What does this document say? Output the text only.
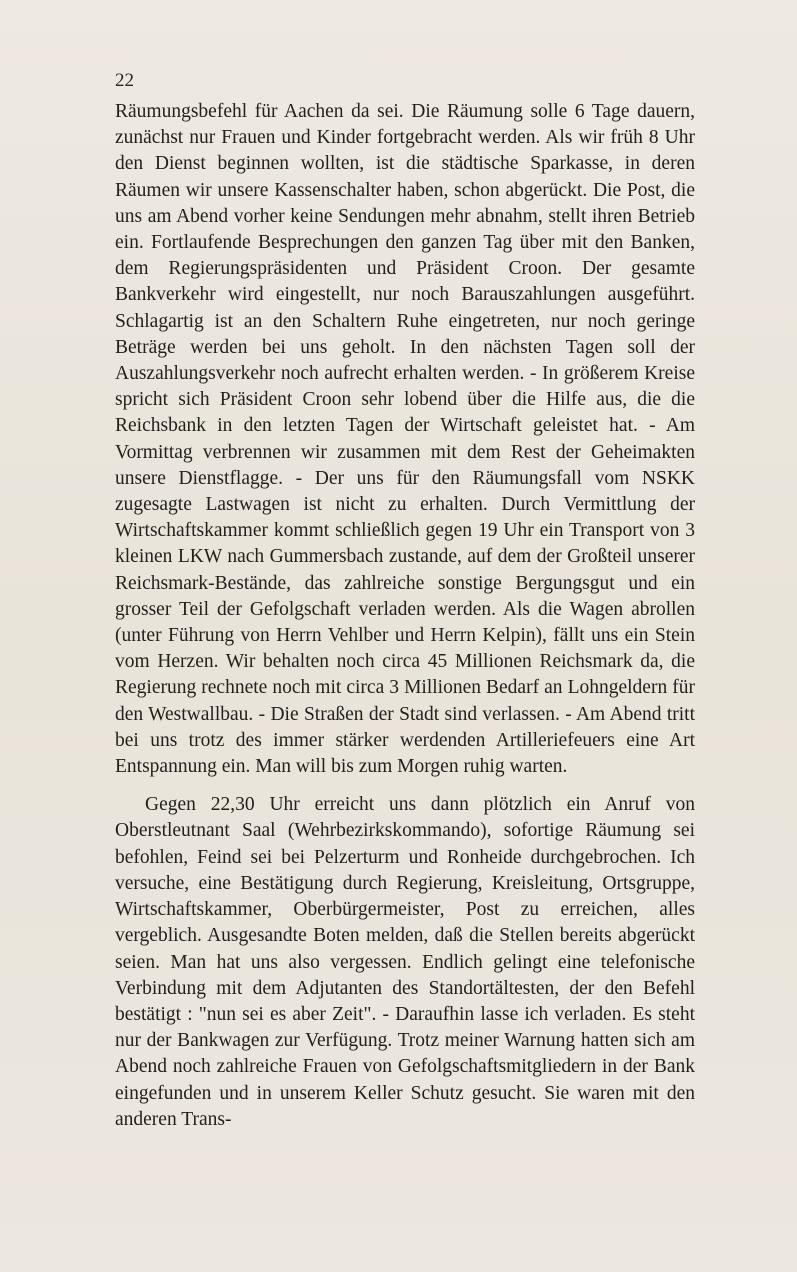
22

Räumungsbefehl für Aachen da sei. Die Räumung solle 6 Tage dauern, zunächst nur Frauen und Kinder fortgebracht werden. Als wir früh 8 Uhr den Dienst beginnen wollten, ist die städtische Sparkasse, in deren Räumen wir unsere Kassenschalter haben, schon abgerückt. Die Post, die uns am Abend vorher keine Sendungen mehr abnahm, stellt ihren Betrieb ein. Fortlaufende Besprechungen den ganzen Tag über mit den Banken, dem Regierungspräsidenten und Präsident Croon. Der gesamte Bankverkehr wird eingestellt, nur noch Barauszahlungen ausgeführt. Schlagartig ist an den Schaltern Ruhe eingetreten, nur noch geringe Beträge werden bei uns geholt. In den nächsten Tagen soll der Auszahlungsverkehr noch aufrecht erhalten werden. - In größerem Kreise spricht sich Präsident Croon sehr lobend über die Hilfe aus, die die Reichsbank in den letzten Tagen der Wirtschaft geleistet hat. - Am Vormittag verbrennen wir zusammen mit dem Rest der Geheimakten unsere Dienstflagge. - Der uns für den Räumungsfall vom NSKK zugesagte Lastwagen ist nicht zu erhalten. Durch Vermittlung der Wirtschaftskammer kommt schließlich gegen 19 Uhr ein Transport von 3 kleinen LKW nach Gummersbach zustande, auf dem der Großteil unserer Reichsmark-Bestände, das zahlreiche sonstige Bergungsgut und ein grosser Teil der Gefolgschaft verladen werden. Als die Wagen abrollen (unter Führung von Herrn Vehlber und Herrn Kelpin), fällt uns ein Stein vom Herzen. Wir behalten noch circa 45 Millionen Reichsmark da, die Regierung rechnete noch mit circa 3 Millionen Bedarf an Lohngeldern für den Westwallbau. - Die Straßen der Stadt sind verlassen. - Am Abend tritt bei uns trotz des immer stärker werdenden Artilleriefeuers eine Art Entspannung ein. Man will bis zum Morgen ruhig warten.

Gegen 22,30 Uhr erreicht uns dann plötzlich ein Anruf von Oberstleutnant Saal (Wehrbezirkskommando), sofortige Räumung sei befohlen, Feind sei bei Pelzerturm und Ronheide durchgebrochen. Ich versuche, eine Bestätigung durch Regierung, Kreisleitung, Ortsgruppe, Wirtschaftskammer, Oberbürgermeister, Post zu erreichen, alles vergeblich. Ausgesandte Boten melden, daß die Stellen bereits abgerückt seien. Man hat uns also vergessen. Endlich gelingt eine telefonische Verbindung mit dem Adjutanten des Standortältesten, der den Befehl bestätigt : "nun sei es aber Zeit". - Daraufhin lasse ich verladen. Es steht nur der Bankwagen zur Verfügung. Trotz meiner Warnung hatten sich am Abend noch zahlreiche Frauen von Gefolgschaftsmitgliedern in der Bank eingefunden und in unserem Keller Schutz gesucht. Sie waren mit den anderen Trans-
